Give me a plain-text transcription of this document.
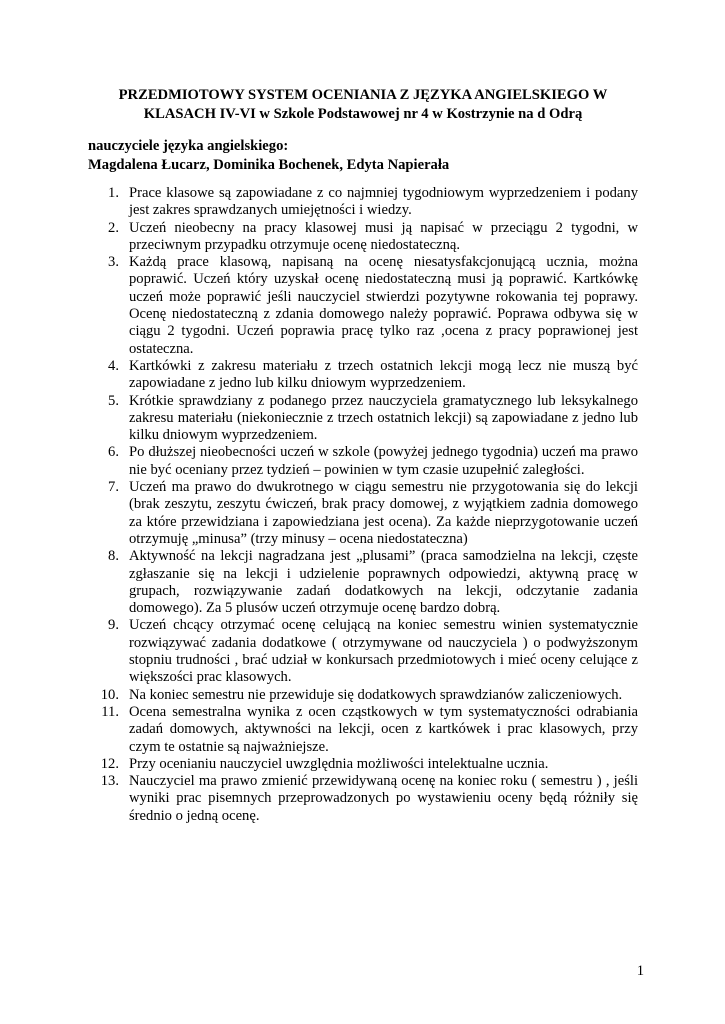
PRZEDMIOTOWY SYSTEM OCENIANIA Z JĘZYKA ANGIELSKIEGO W
KLASACH IV-VI w Szkole Podstawowej nr 4 w Kostrzynie na d Odrą
nauczyciele języka angielskiego:
Magdalena Łucarz, Dominika Bochenek, Edyta Napierała
1. Prace klasowe są zapowiadane z co najmniej tygodniowym wyprzedzeniem i podany jest zakres sprawdzanych umiejętności i wiedzy.
2. Uczeń nieobecny na pracy klasowej musi ją napisać w przeciągu 2 tygodni, w przeciwnym przypadku otrzymuje ocenę niedostateczną.
3. Każdą prace klasową, napisaną na ocenę niesatysfakcjonującą ucznia, można poprawić. Uczeń który uzyskał ocenę niedostateczną musi ją poprawić. Kartkówkę uczeń może poprawić jeśli nauczyciel stwierdzi pozytywne rokowania tej poprawy. Ocenę niedostateczną z zdania domowego należy poprawić. Poprawa odbywa się w ciągu 2 tygodni. Uczeń poprawia pracę tylko raz ,ocena z pracy poprawionej jest ostateczna.
4. Kartkówki z zakresu materiału z trzech ostatnich lekcji mogą lecz nie muszą być zapowiadane z jedno lub kilku dniowym wyprzedzeniem.
5. Krótkie sprawdziany z podanego przez nauczyciela gramatycznego lub leksykalnego zakresu materiału (niekoniecznie z trzech ostatnich lekcji) są zapowiadane z jedno lub kilku dniowym wyprzedzeniem.
6. Po dłuższej nieobecności uczeń w szkole (powyżej jednego tygodnia) uczeń ma prawo nie być oceniany przez tydzień – powinien w tym czasie uzupełnić zaległości.
7. Uczeń ma prawo do dwukrotnego w ciągu semestru nie przygotowania się do lekcji (brak zeszytu, zeszytu ćwiczeń, brak pracy domowej, z wyjątkiem zadnia domowego za które przewidziana i zapowiedziana jest ocena). Za każde nieprzygotowanie uczeń otrzymuję „minusa” (trzy minusy – ocena niedostateczna)
8. Aktywność na lekcji nagradzana jest „plusami” (praca samodzielna na lekcji, częste zgłaszanie się na lekcji i udzielenie poprawnych odpowiedzi, aktywną pracę w grupach, rozwiązywanie zadań dodatkowych na lekcji, odczytanie zadania domowego). Za 5 plusów uczeń otrzymuje ocenę bardzo dobrą.
9. Uczeń chcący otrzymać ocenę celującą na koniec semestru winien systematycznie rozwiązywać zadania dodatkowe ( otrzymywane od nauczyciela ) o podwyższonym stopniu trudności , brać udział w konkursach przedmiotowych i mieć oceny celujące z większości prac klasowych.
10. Na koniec semestru nie przewiduje się dodatkowych sprawdzianów zaliczeniowych.
11. Ocena semestralna wynika z ocen cząstkowych w tym systematyczności odrabiania zadań domowych, aktywności na lekcji, ocen z kartkówek i prac klasowych, przy czym te ostatnie są najważniejsze.
12. Przy ocenianiu nauczyciel uwzględnia możliwości intelektualne ucznia.
13. Nauczyciel ma prawo zmienić przewidywaną ocenę na koniec roku ( semestru ) , jeśli wyniki prac pisemnych przeprowadzonych po wystawieniu oceny będą różniły się średnio o jedną ocenę.
1
